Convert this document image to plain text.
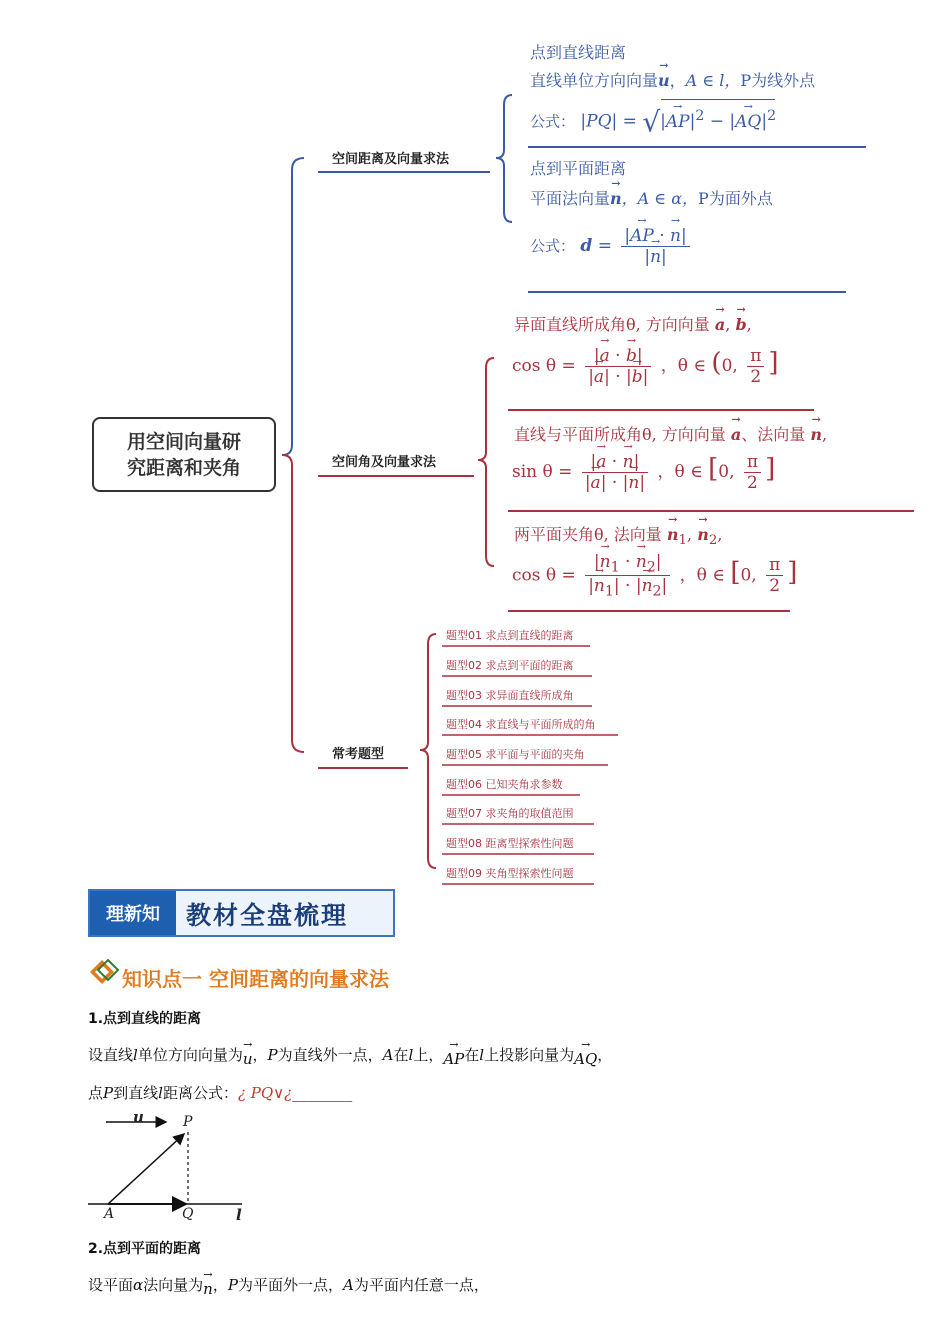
用空间向量研
究距离和夹角
空间距离及向量求法
空间角及向量求法
常考题型
点到直线距离
直线单位方向向量u →，A ∈ l，P为线外点
公式： $|PQ| = √|AP \to|^2 - |AQ \to|^2$
点到平面距离
平面法向量n →，A ∈ α，P为面外点
公式： $d = \frac{|AP \to \cdot n \to|}{|n \to|}$
异面直线所成角θ, 方向向量 a →, b →,
$\cos \theta = \frac{|a \to \cdot b \to|}{|a \to| \cdot |b \to|}$ ，θ ∈ (0, $\frac{\pi}{2}$ ]
直线与平面所成角θ, 方向向量 a →、法向量 n →,
$\sin \theta = \frac{|a \to \cdot n \to|}{|a \to| \cdot |n \to|}$ ，θ ∈ [0, $\frac{\pi}{2}$ ]
两平面夹角θ, 法向量 $n \to_1$, $n \to_2$,
$\cos \theta = \frac{|n \to_1 \cdot n \to_2|}{|n \to_1| \cdot |n \to_2|}$ ，θ ∈ [0, $\frac{\pi}{2}$ ]
题型01 求点到直线的距离
题型02 求点到平面的距离
题型03 求异面直线所成角
题型04 求直线与平面所成的角
题型05 求平面与平面的夹角
题型06 已知夹角求参数
题型07 求夹角的取值范围
题型08 距离型探索性问题
题型09 夹角型探索性问题
理新知	教材全盘梳理
知识点一 空间距离的向量求法
1.点到直线的距离
设直线l单位方向向量为u →，P为直线外一点，A在l上，AP →在l上投影向量为AQ →，
点P到直线l距离公式：¿ PQ∨¿________
u	P
A	Q	l
2.点到平面的距离
设平面α法向量为n →，P为平面外一点，A为平面内任意一点，
